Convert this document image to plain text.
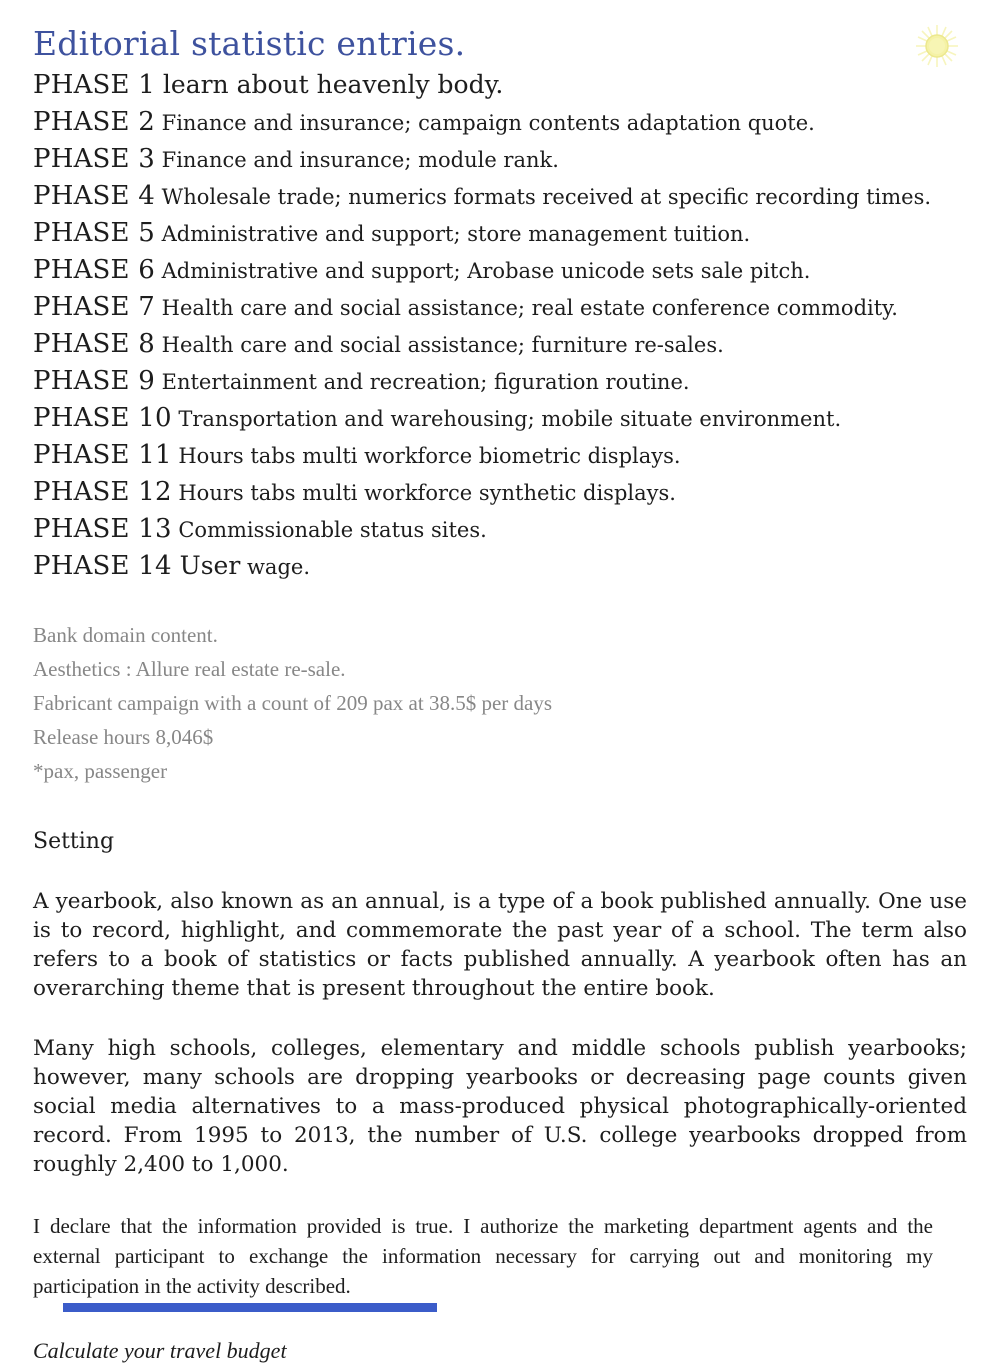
Editorial statistic entries.
PHASE 1 learn about heavenly body.
PHASE 2 Finance and insurance; campaign contents adaptation quote.
PHASE 3 Finance and insurance; module rank.
PHASE 4 Wholesale trade; numerics formats received at specific recording times.
PHASE 5 Administrative and support; store management tuition.
PHASE 6 Administrative and support; Arobase unicode sets sale pitch.
PHASE 7 Health care and social assistance; real estate conference commodity.
PHASE 8 Health care and social assistance; furniture re-sales.
PHASE 9 Entertainment and recreation; figuration routine.
PHASE 10 Transportation and warehousing; mobile situate environment.
PHASE 11 Hours tabs multi workforce biometric displays.
PHASE 12 Hours tabs multi workforce synthetic displays.
PHASE 13 Commissionable status sites.
PHASE 14 User wage.
Bank domain content.
Aesthetics : Allure real estate re-sale.
Fabricant campaign with a count of 209 pax at 38.5$ per days
Release hours 8,046$
*pax, passenger
Setting
A yearbook, also known as an annual, is a type of a book published annually. One use is to record, highlight, and commemorate the past year of a school. The term also refers to a book of statistics or facts published annually. A yearbook often has an overarching theme that is present throughout the entire book.
Many high schools, colleges, elementary and middle schools publish yearbooks; however, many schools are dropping yearbooks or decreasing page counts given social media alternatives to a mass-produced physical photographically-oriented record. From 1995 to 2013, the number of U.S. college yearbooks dropped from roughly 2,400 to 1,000.
I declare that the information provided is true. I authorize the marketing department agents and the external participant to exchange the information necessary for carrying out and monitoring my participation in the activity described.
Calculate your travel budget
